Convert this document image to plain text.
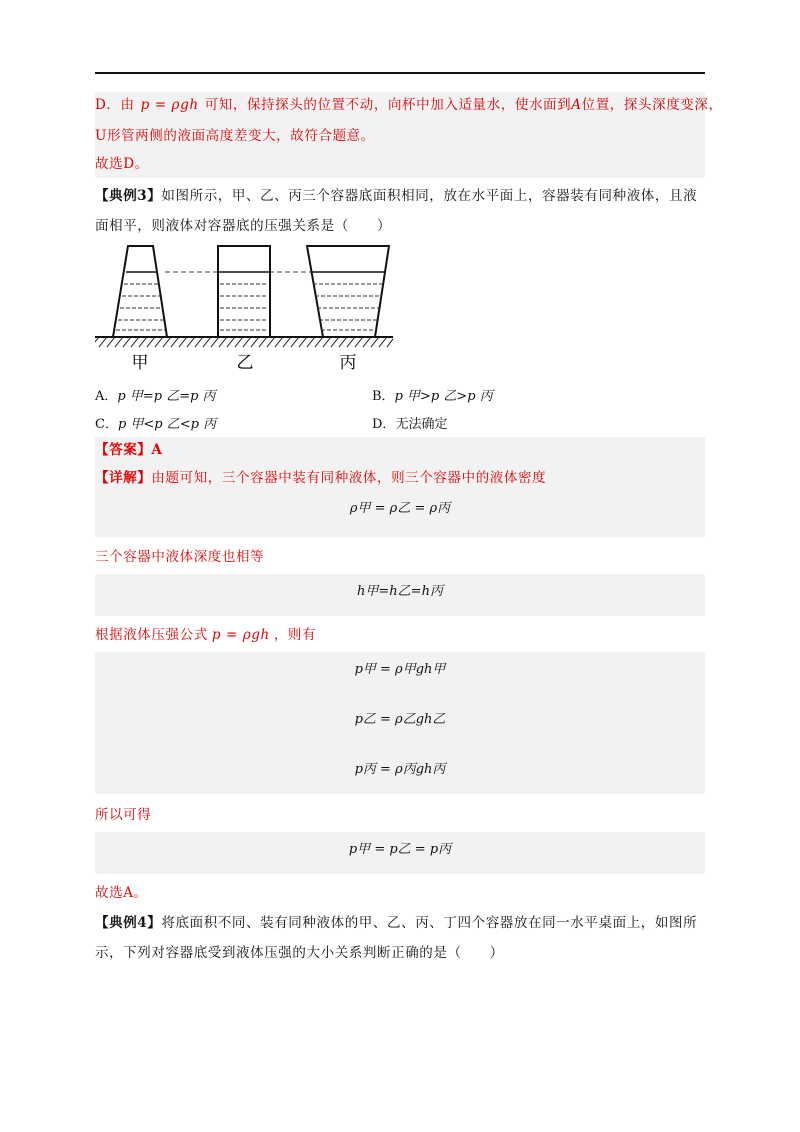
D．由 p = ρgh 可知，保持探头的位置不动，向杯中加入适量水，使水面到A位置，探头深度变深，
U形管两侧的液面高度差变大，故符合题意。
故选D。
【典例3】如图所示，甲、乙、丙三个容器底面积相同，放在水平面上，容器装有同种液体，且液
面相平，则液体对容器底的压强关系是（　　）
甲	乙	丙
A．p 甲=p 乙=p 丙	B．p 甲>p 乙>p 丙
C．p 甲<p 乙<p 丙	D．无法确定
【答案】A
【详解】由题可知，三个容器中装有同种液体，则三个容器中的液体密度
ρ甲 = ρ乙 = ρ丙
三个容器中液体深度也相等
h甲=h乙=h丙
根据液体压强公式 p = ρgh ，则有
p甲 = ρ甲gh甲
p乙 = ρ乙gh乙
p丙 = ρ丙gh丙
所以可得
p甲 = p乙 = p丙
故选A。
【典例4】将底面积不同、装有同种液体的甲、乙、丙、丁四个容器放在同一水平桌面上，如图所
示，下列对容器底受到液体压强的大小关系判断正确的是（　　）
